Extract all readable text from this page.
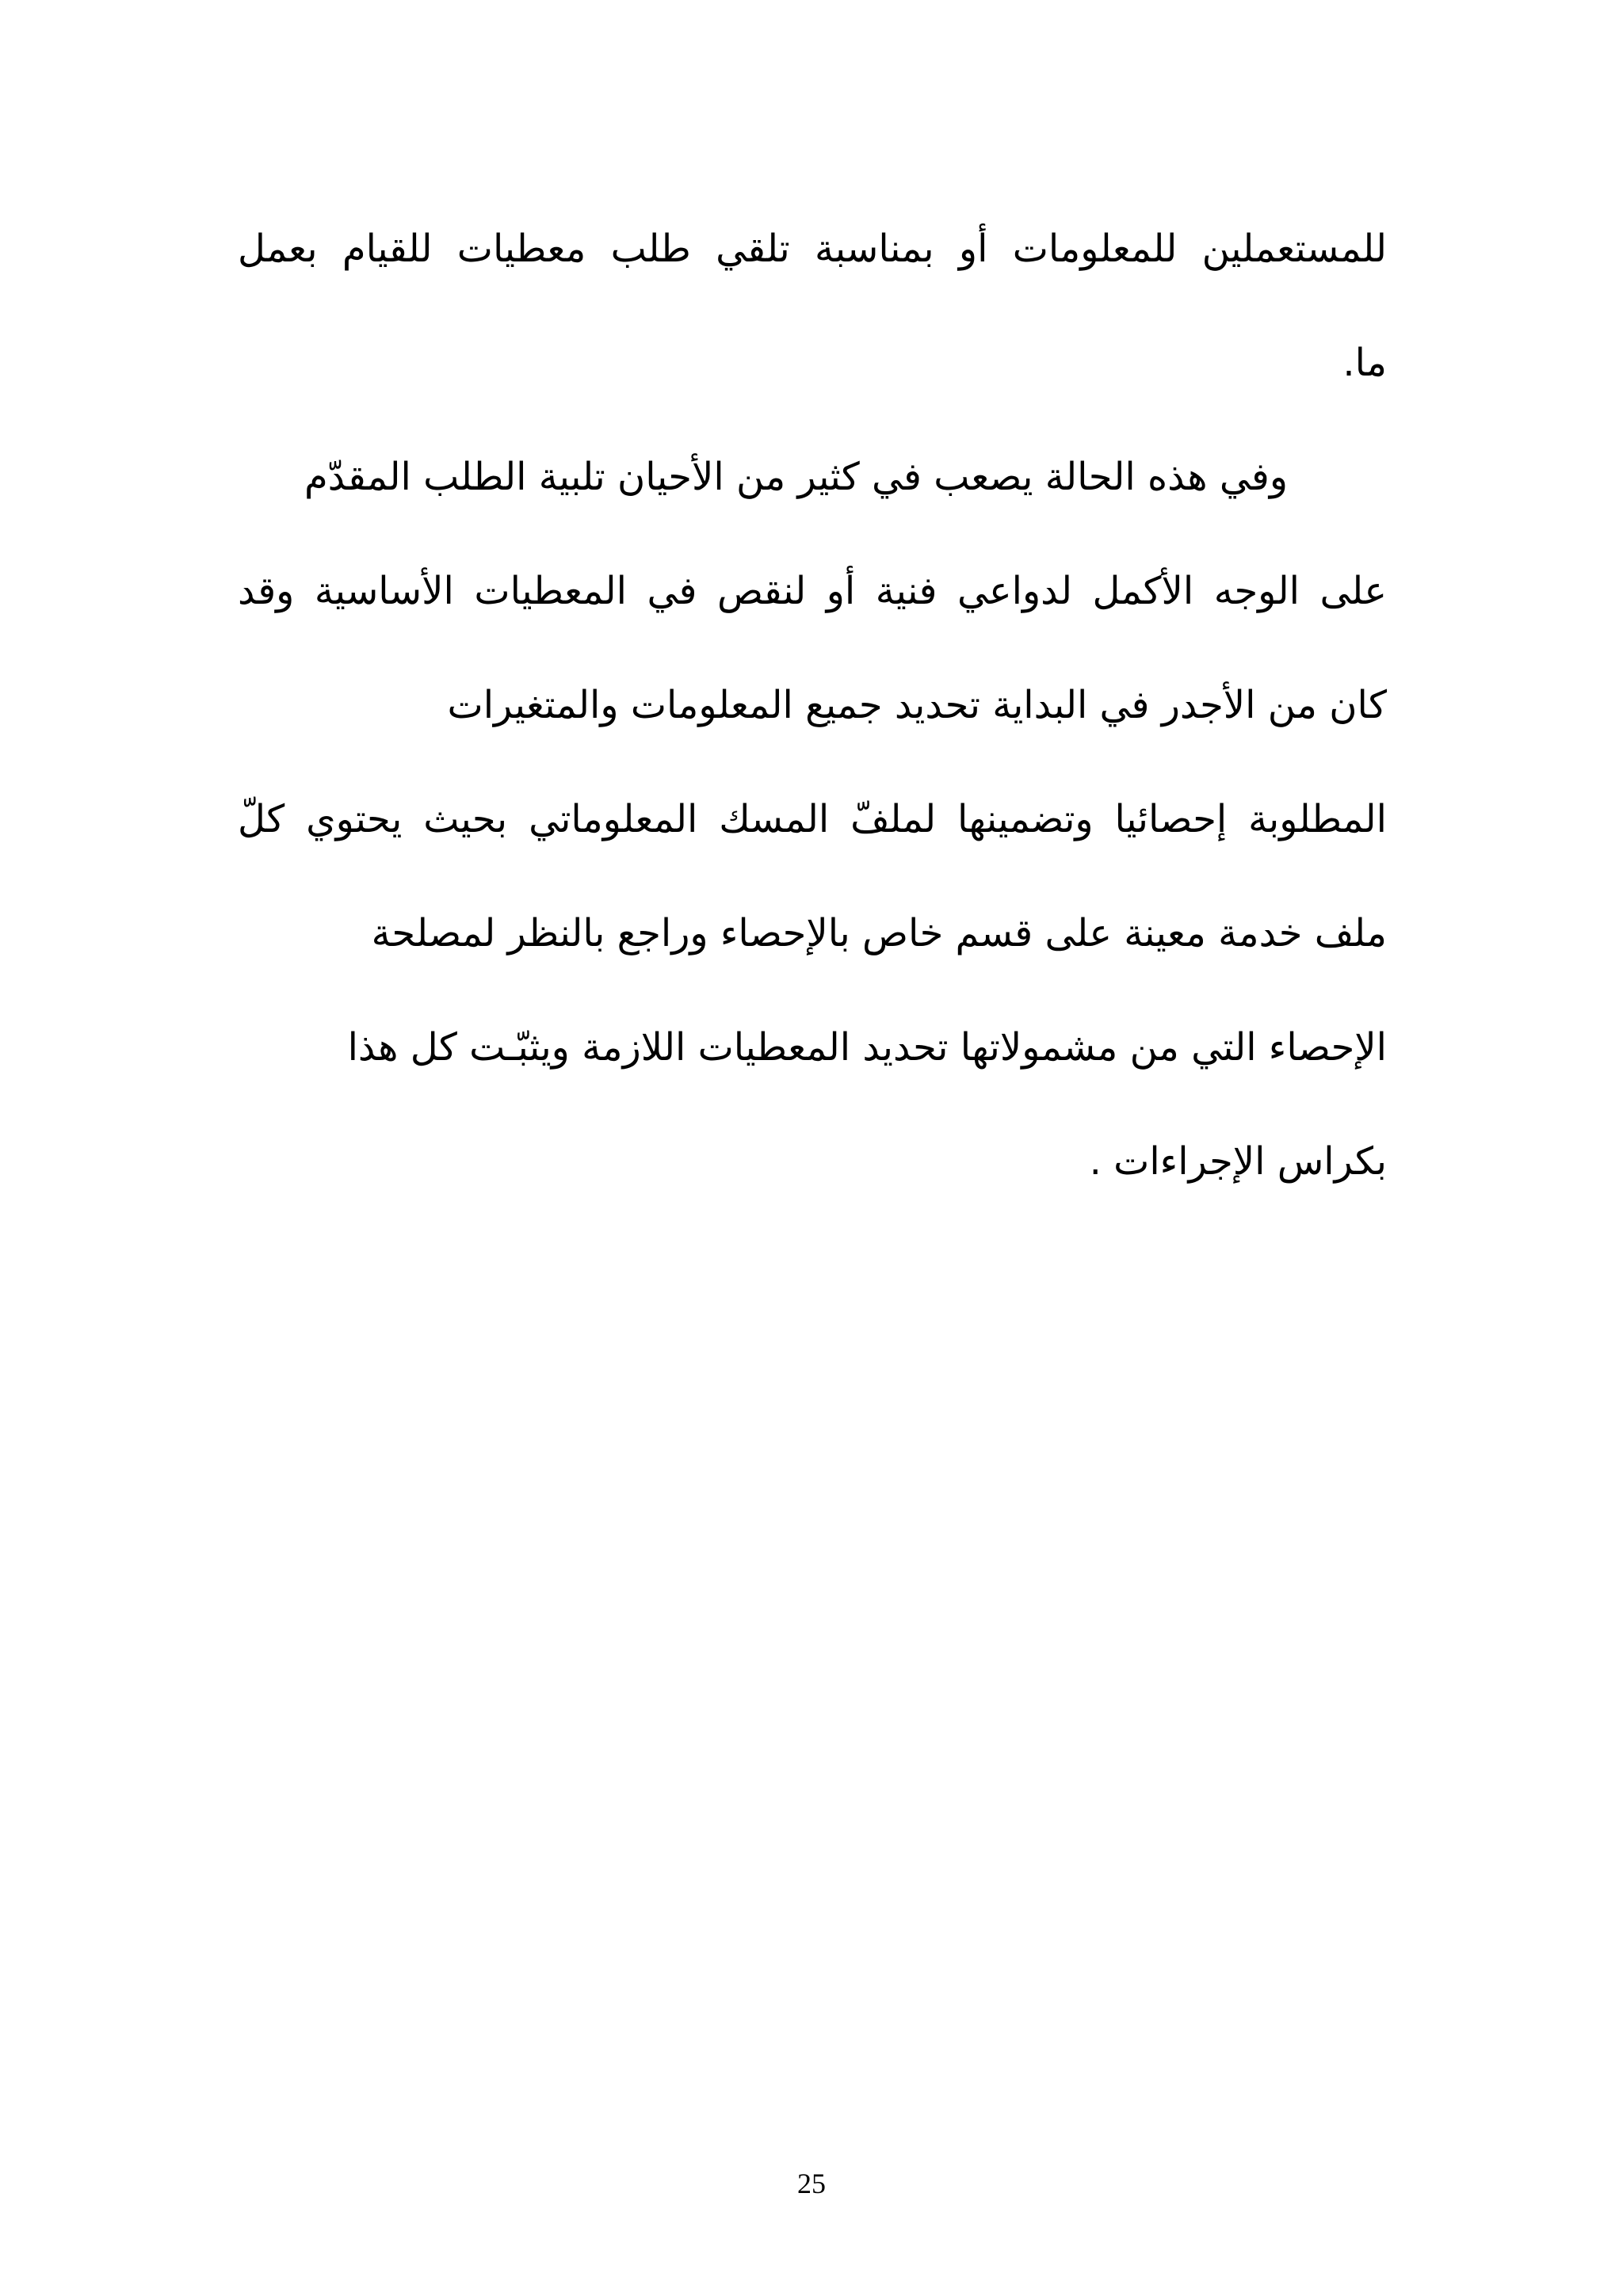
للمستعملين للمعلومات أو بمناسبة تلقي طلب معطيات للقيام بعمل
ما.
وفي هذه الحالة يصعب في كثير من الأحيان تلبية الطلب المقدّم
على الوجه الأكمل لدواعي فنية أو لنقص في المعطيات الأساسية وقد
كان من الأجدر في البداية تحديد جميع المعلومات والمتغيرات
المطلوبة إحصائيا وتضمينها لملفّ المسك المعلوماتي بحيث يحتوي كلّ
ملف خدمة معينة على قسم خاص بالإحصاء وراجع بالنظر لمصلحة
الإحصاء التي من مشمولاتها تحديد المعطيات اللازمة ويثبّـت كل هذا
بكراس الإجراءات .
25
